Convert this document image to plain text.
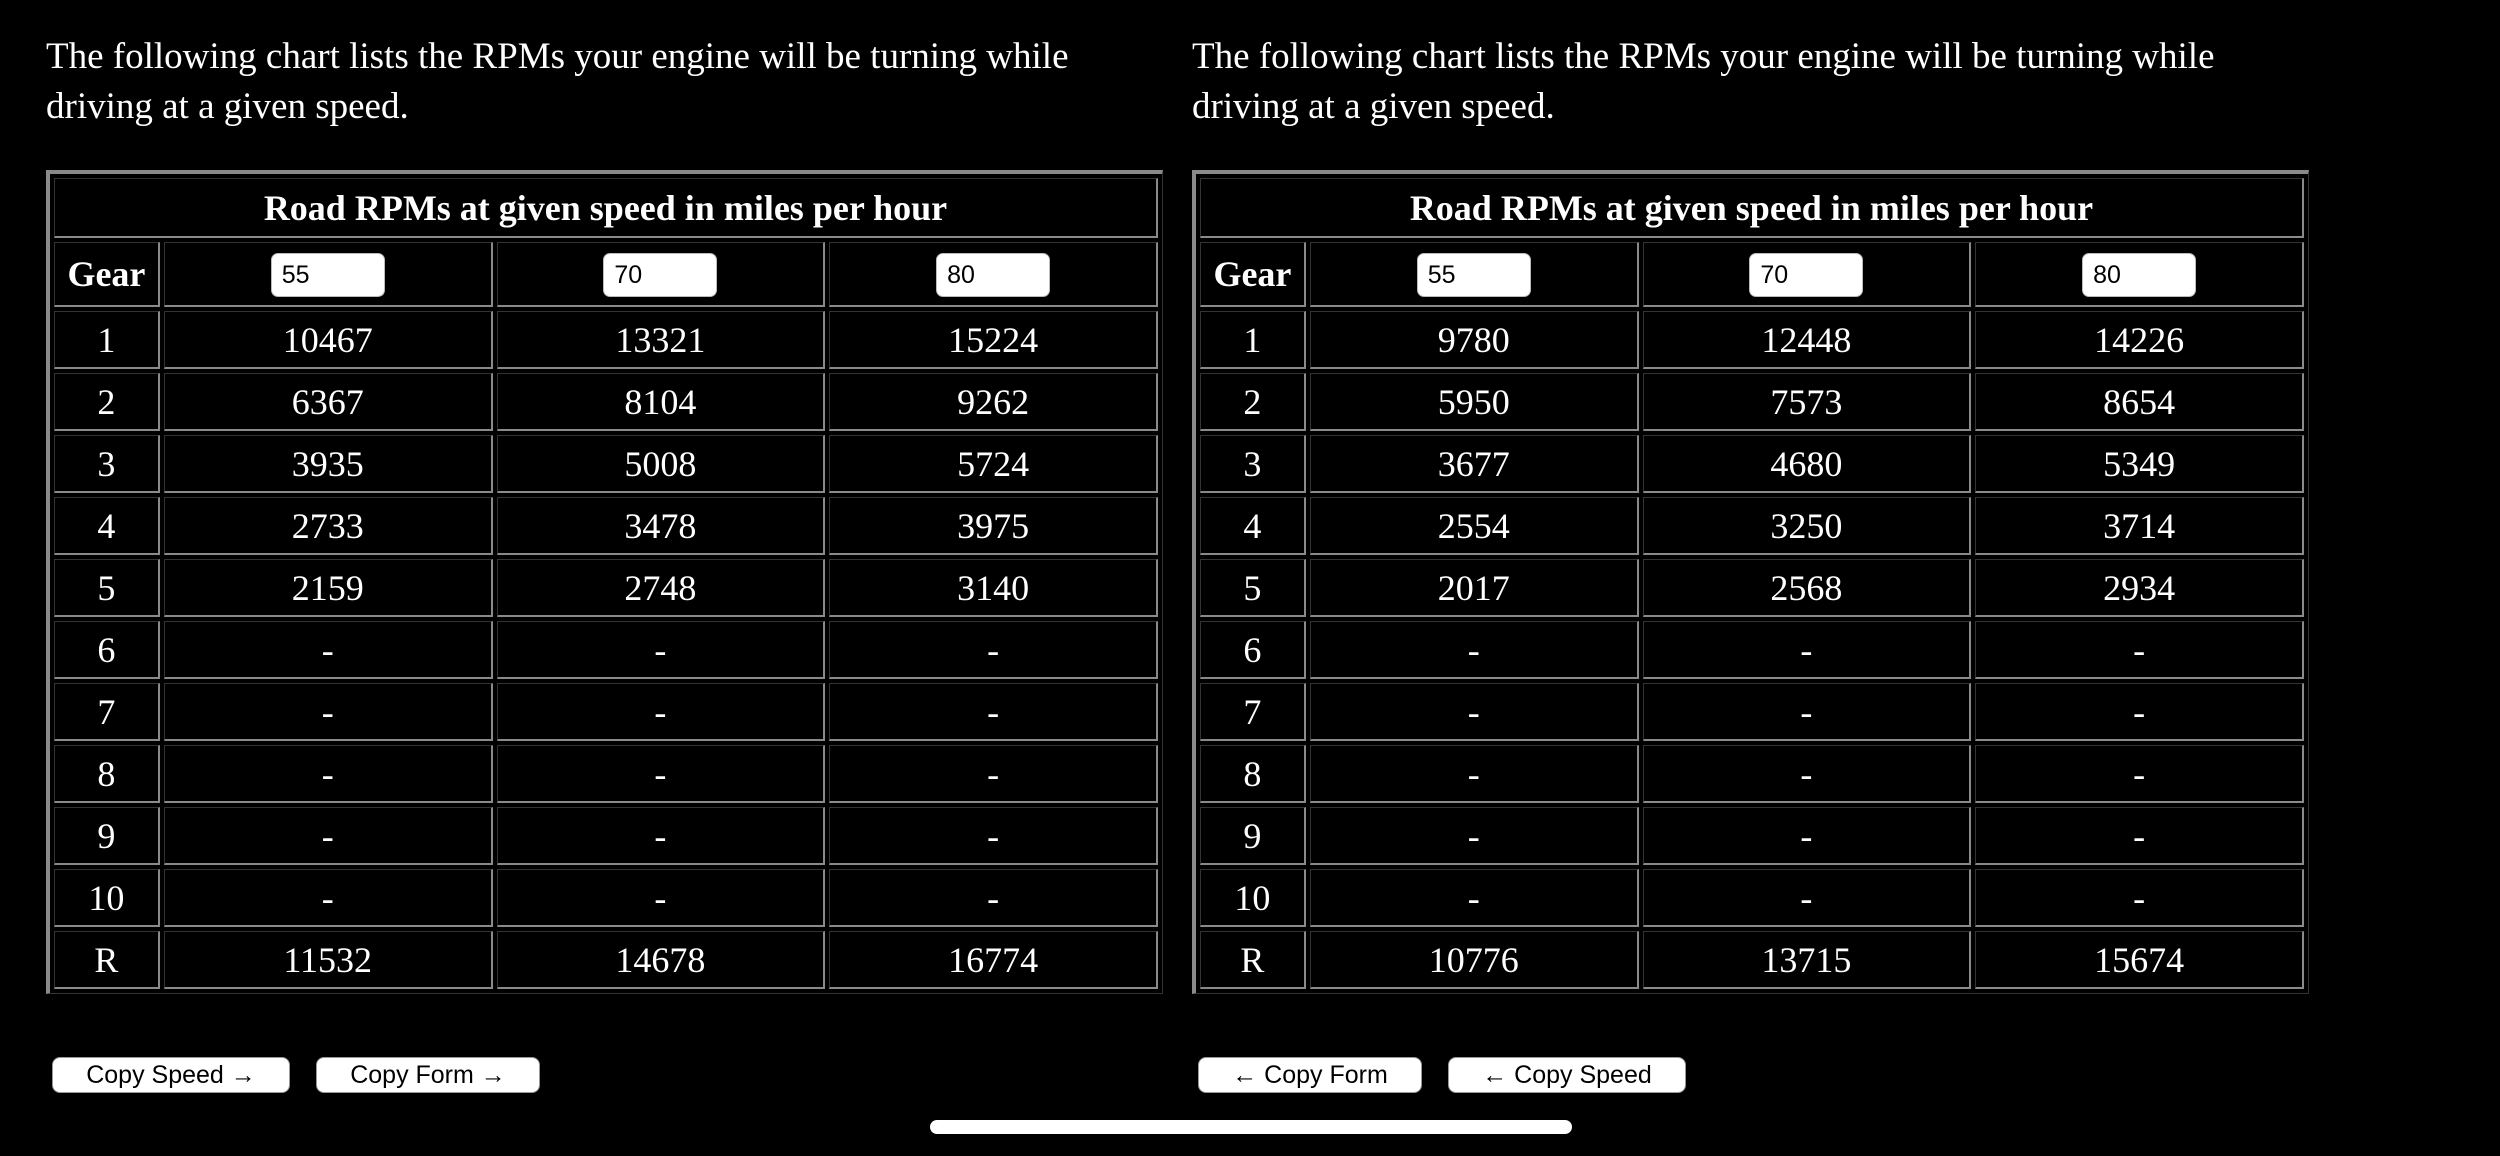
The following chart lists the RPMs your engine will be turning while driving at a given speed.
Road RPMs at given speed in miles per hour			
Gear	55	70	80
1	10467	13321	15224
2	6367	8104	9262
3	3935	5008	5724
4	2733	3478	3975
5	2159	2748	3140
6	-	-	-
7	-	-	-
8	-	-	-
9	-	-	-
10	-	-	-
R	11532	14678	16774
Copy Speed →	Copy Form →
The following chart lists the RPMs your engine will be turning while driving at a given speed.
Road RPMs at given speed in miles per hour			
Gear	55	70	80
1	9780	12448	14226
2	5950	7573	8654
3	3677	4680	5349
4	2554	3250	3714
5	2017	2568	2934
6	-	-	-
7	-	-	-
8	-	-	-
9	-	-	-
10	-	-	-
R	10776	13715	15674
← Copy Form	← Copy Speed
